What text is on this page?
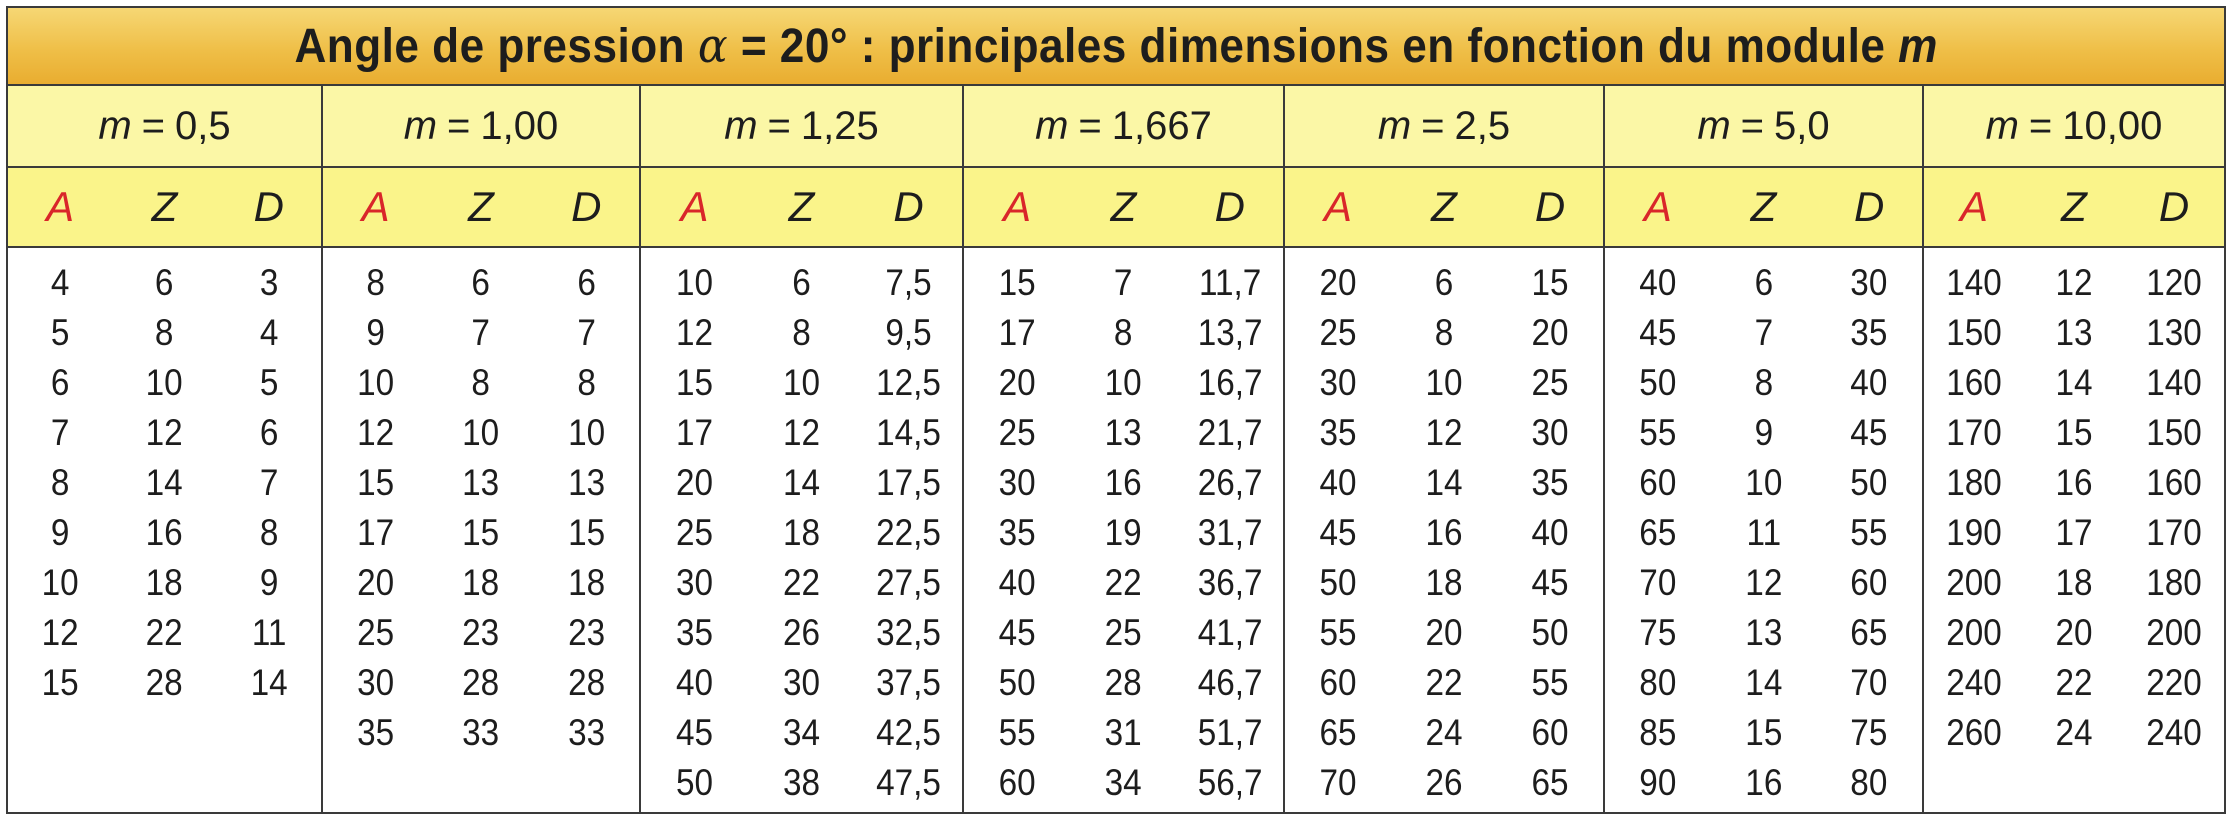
Angle de pression α = 20° : principales dimensions en fonction du module m
m = 0,5
A	Z	D
4	6	3
5	8	4
6	10	5
7	12	6
8	14	7
9	16	8
10	18	9
12	22	11
15	28	14
m = 1,00
A	Z	D
8	6	6
9	7	7
10	8	8
12	10	10
15	13	13
17	15	15
20	18	18
25	23	23
30	28	28
35	33	33
m = 1,25
A	Z	D
10	6	7,5
12	8	9,5
15	10	12,5
17	12	14,5
20	14	17,5
25	18	22,5
30	22	27,5
35	26	32,5
40	30	37,5
45	34	42,5
50	38	47,5
m = 1,667
A	Z	D
15	7	11,7
17	8	13,7
20	10	16,7
25	13	21,7
30	16	26,7
35	19	31,7
40	22	36,7
45	25	41,7
50	28	46,7
55	31	51,7
60	34	56,7
m = 2,5
A	Z	D
20	6	15
25	8	20
30	10	25
35	12	30
40	14	35
45	16	40
50	18	45
55	20	50
60	22	55
65	24	60
70	26	65
m = 5,0
A	Z	D
40	6	30
45	7	35
50	8	40
55	9	45
60	10	50
65	11	55
70	12	60
75	13	65
80	14	70
85	15	75
90	16	80
m = 10,00
A	Z	D
140	12	120
150	13	130
160	14	140
170	15	150
180	16	160
190	17	170
200	18	180
200	20	200
240	22	220
260	24	240
